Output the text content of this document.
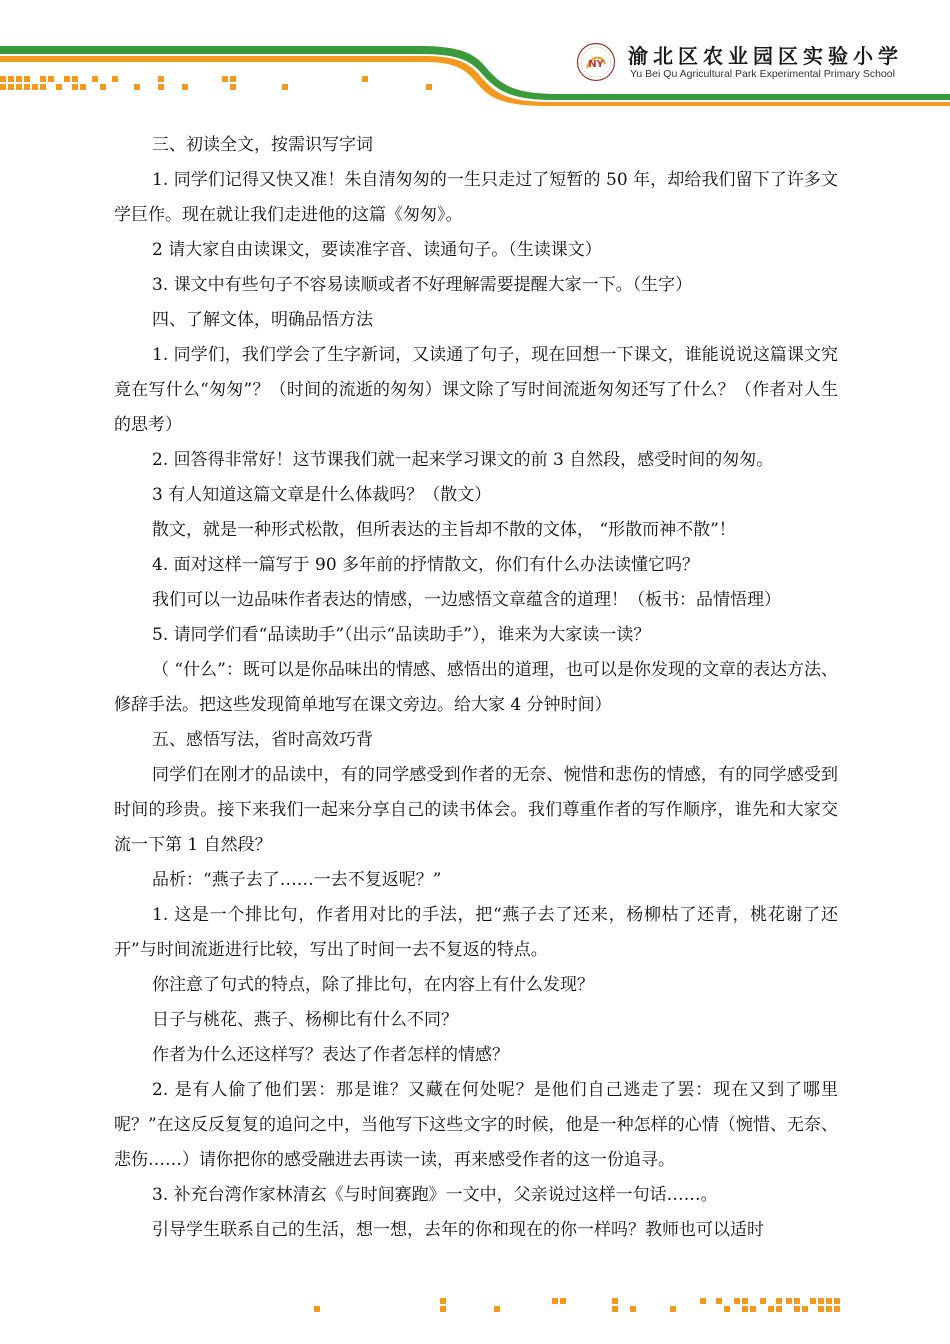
NY 渝北区农业园区实验小学
Yu Bei Qu Agricultural Park Experimental Primary School

三、初读全文，按需识写字词

1. 同学们记得又快又准！朱自清匆匆的一生只走过了短暂的 50 年，却给我们留下了许多文学巨作。现在就让我们走进他的这篇《匆匆》。

2 请大家自由读课文，要读准字音、读通句子。（生读课文）

3. 课文中有些句子不容易读顺或者不好理解需要提醒大家一下。（生字）

四、了解文体，明确品悟方法

1. 同学们，我们学会了生字新词，又读通了句子，现在回想一下课文，谁能说说这篇课文究竟在写什么“匆匆”？（时间的流逝的匆匆）课文除了写时间流逝匆匆还写了什么？（作者对人生的思考）

2. 回答得非常好！这节课我们就一起来学习课文的前 3 自然段，感受时间的匆匆。

3 有人知道这篇文章是什么体裁吗？（散文）

散文，就是一种形式松散，但所表达的主旨却不散的文体， “形散而神不散”！

4. 面对这样一篇写于 90 多年前的抒情散文，你们有什么办法读懂它吗？

我们可以一边品味作者表达的情感，一边感悟文章蕴含的道理！（板书：品情悟理）

5. 请同学们看“品读助手”（出示“品读助手”），谁来为大家读一读？

（ “什么”：既可以是你品味出的情感、感悟出的道理，也可以是你发现的文章的表达方法、修辞手法。把这些发现简单地写在课文旁边。给大家 4 分钟时间）

五、感悟写法，省时高效巧背

同学们在刚才的品读中，有的同学感受到作者的无奈、惋惜和悲伤的情感，有的同学感受到时间的珍贵。接下来我们一起来分享自己的读书体会。我们尊重作者的写作顺序，谁先和大家交流一下第 1 自然段？

品析：“燕子去了……一去不复返呢？”

1. 这是一个排比句，作者用对比的手法，把“燕子去了还来，杨柳枯了还青，桃花谢了还开”与时间流逝进行比较，写出了时间一去不复返的特点。

你注意了句式的特点，除了排比句，在内容上有什么发现？

日子与桃花、燕子、杨柳比有什么不同？

作者为什么还这样写？表达了作者怎样的情感？

2. 是有人偷了他们罢：那是谁？又藏在何处呢？是他们自己逃走了罢：现在又到了哪里呢？”在这反反复复的追问之中，当他写下这些文字的时候，他是一种怎样的心情（惋惜、无奈、悲伤……）请你把你的感受融进去再读一读，再来感受作者的这一份追寻。

3. 补充台湾作家林清玄《与时间赛跑》一文中，父亲说过这样一句话……。

引导学生联系自己的生活，想一想，去年的你和现在的你一样吗？教师也可以适时
